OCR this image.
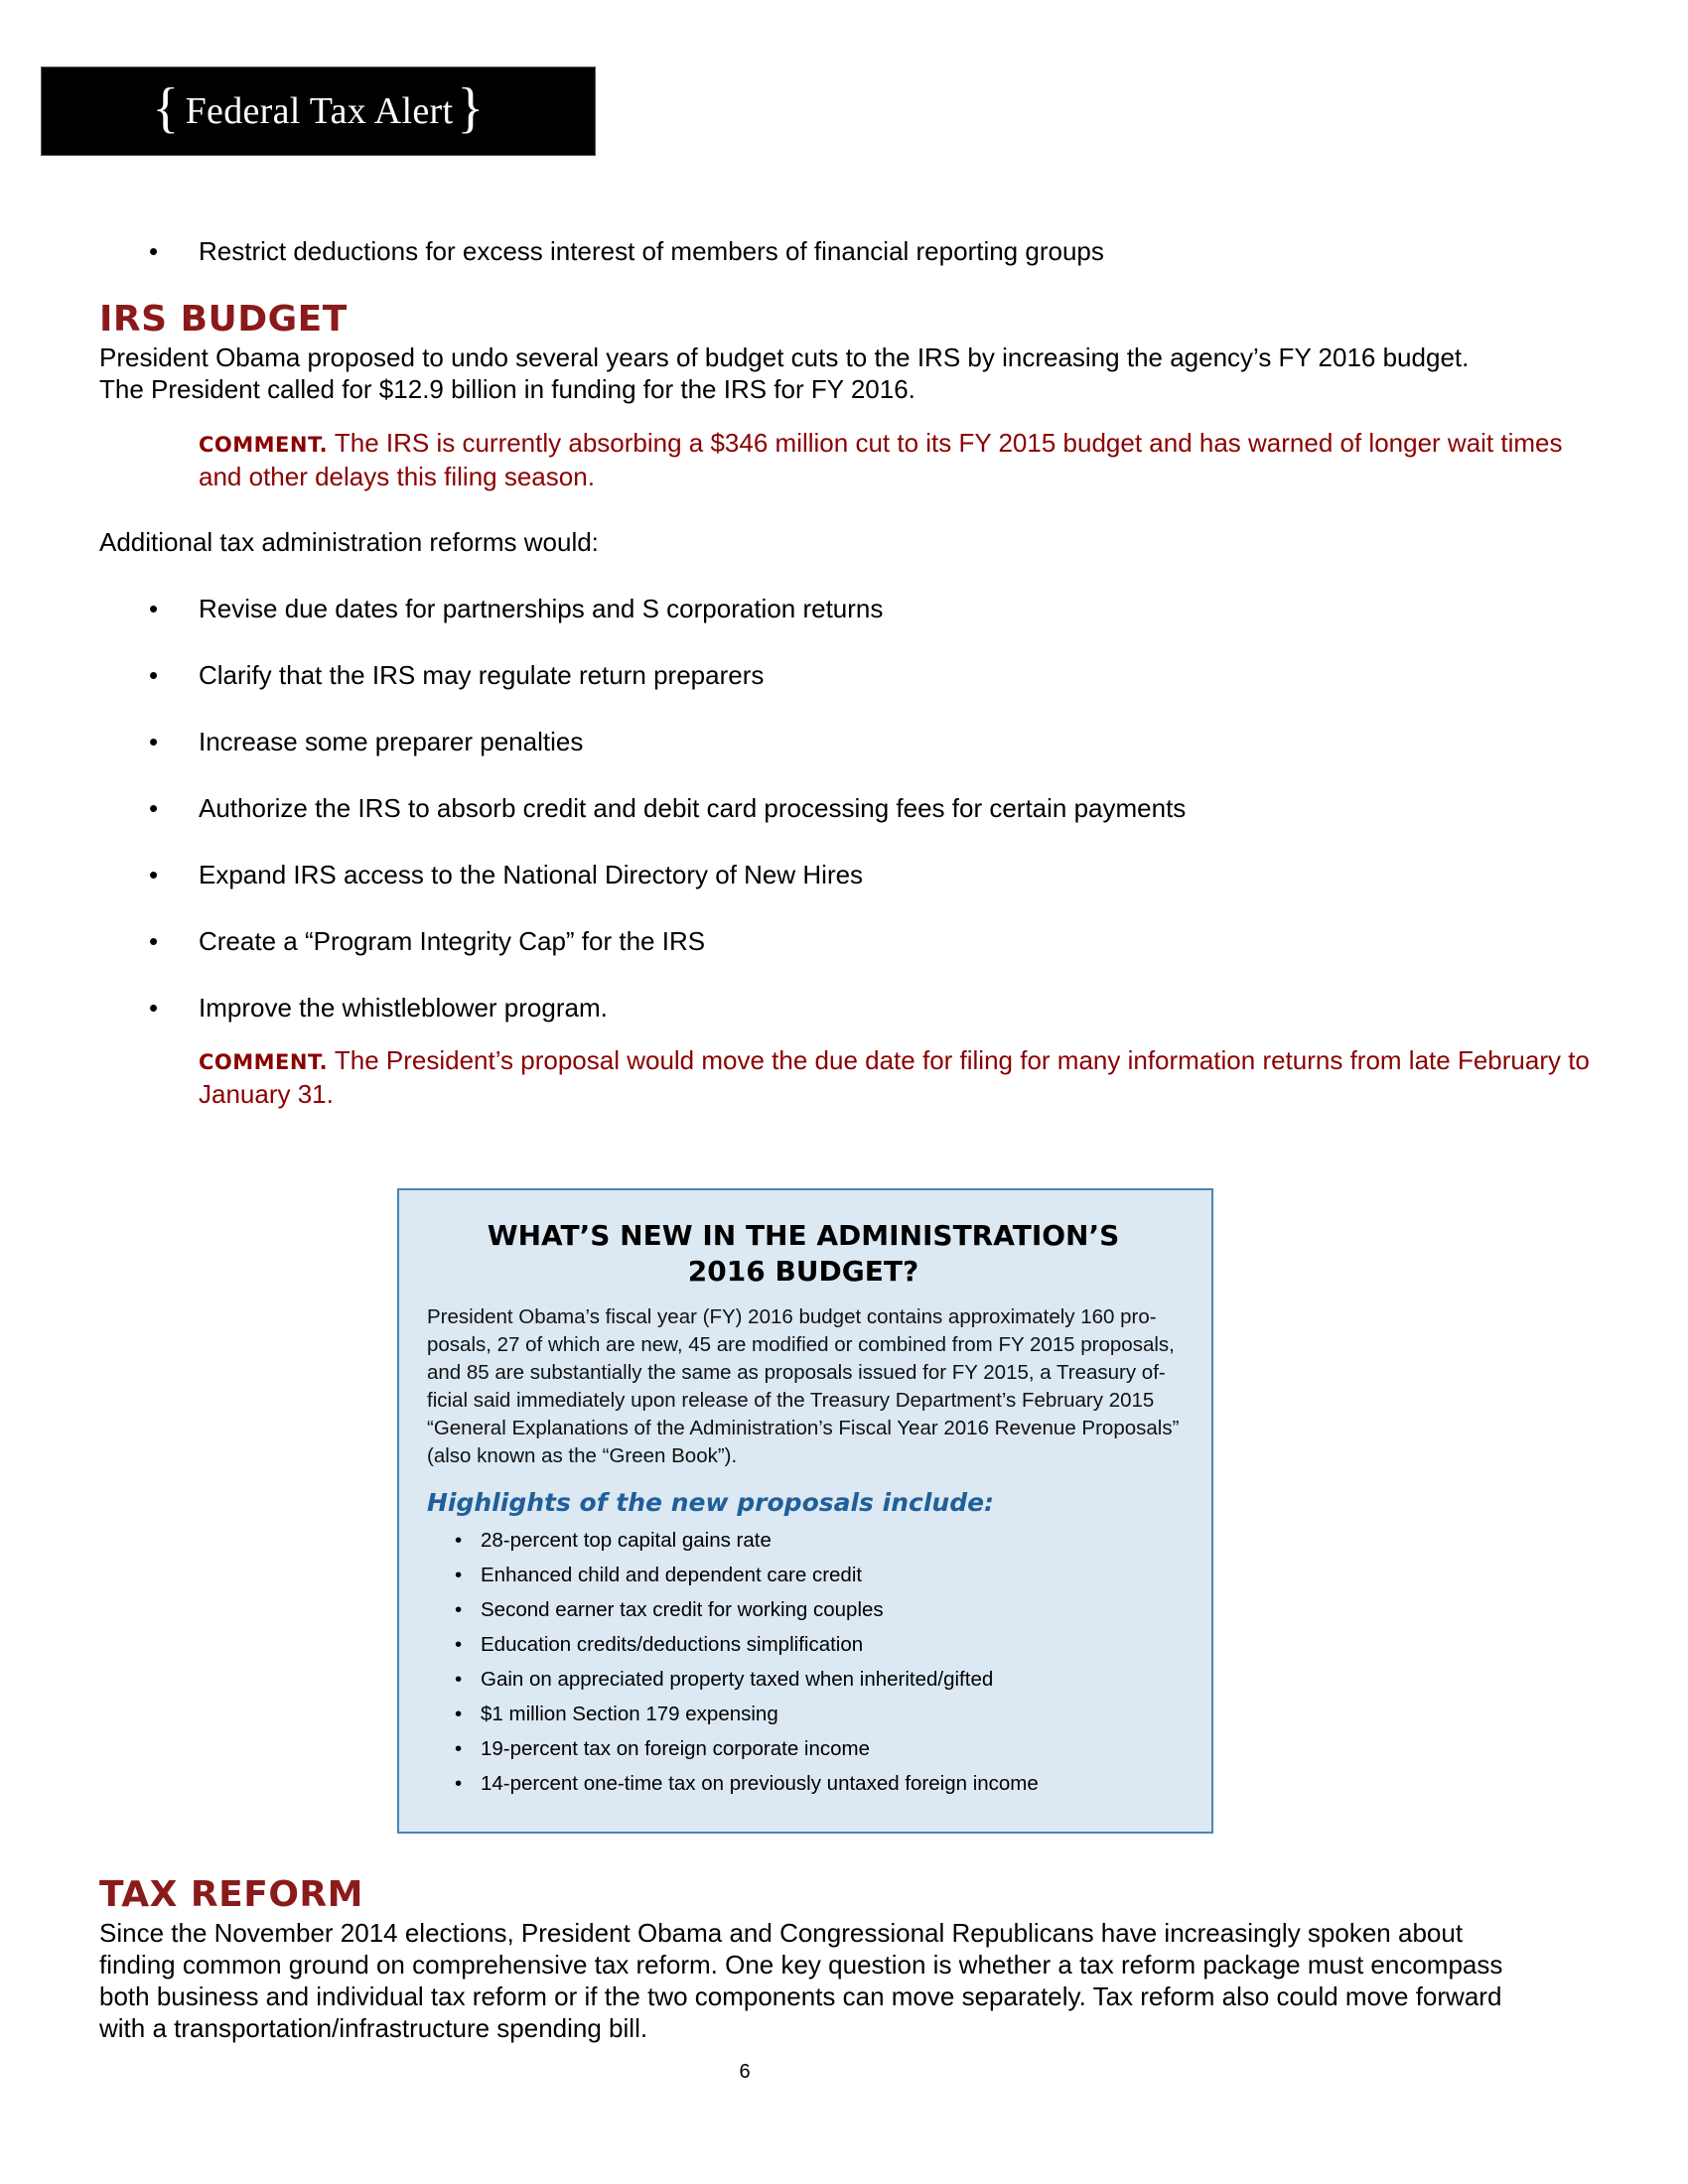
{ Federal Tax Alert }
• Restrict deductions for excess interest of members of financial reporting groups
IRS BUDGET

President Obama proposed to undo several years of budget cuts to the IRS by increasing the agency’s FY 2016 budget. The President called for $12.9 billion in funding for the IRS for FY 2016.

COMMENT. The IRS is currently absorbing a $346 million cut to its FY 2015 budget and has warned of longer wait times and other delays this filing season.

Additional tax administration reforms would:

• Revise due dates for partnerships and S corporation returns
• Clarify that the IRS may regulate return preparers
• Increase some preparer penalties
• Authorize the IRS to absorb credit and debit card processing fees for certain payments
• Expand IRS access to the National Directory of New Hires
• Create a “Program Integrity Cap” for the IRS
• Improve the whistleblower program.

COMMENT. The President’s proposal would move the due date for filing for many information returns from late February to January 31.

WHAT’S NEW IN THE ADMINISTRATION’S
2016 BUDGET?

President Obama’s fiscal year (FY) 2016 budget contains approximately 160 pro-posals, 27 of which are new, 45 are modified or combined from FY 2015 proposals, and 85 are substantially the same as proposals issued for FY 2015, a Treasury of-ficial said immediately upon release of the Treasury Department’s February 2015 “General Explanations of the Administration’s Fiscal Year 2016 Revenue Proposals” (also known as the “Green Book”).

Highlights of the new proposals include:

• 28-percent top capital gains rate
• Enhanced child and dependent care credit
• Second earner tax credit for working couples
• Education credits/deductions simplification
• Gain on appreciated property taxed when inherited/gifted
• $1 million Section 179 expensing
• 19-percent tax on foreign corporate income
• 14-percent one-time tax on previously untaxed foreign income
TAX REFORM

Since the November 2014 elections, President Obama and Congressional Republicans have increasingly spoken about finding common ground on comprehensive tax reform. One key question is whether a tax reform package must encompass both business and individual tax reform or if the two components can move separately. Tax reform also could move forward with a transportation/infrastructure spending bill.

6
